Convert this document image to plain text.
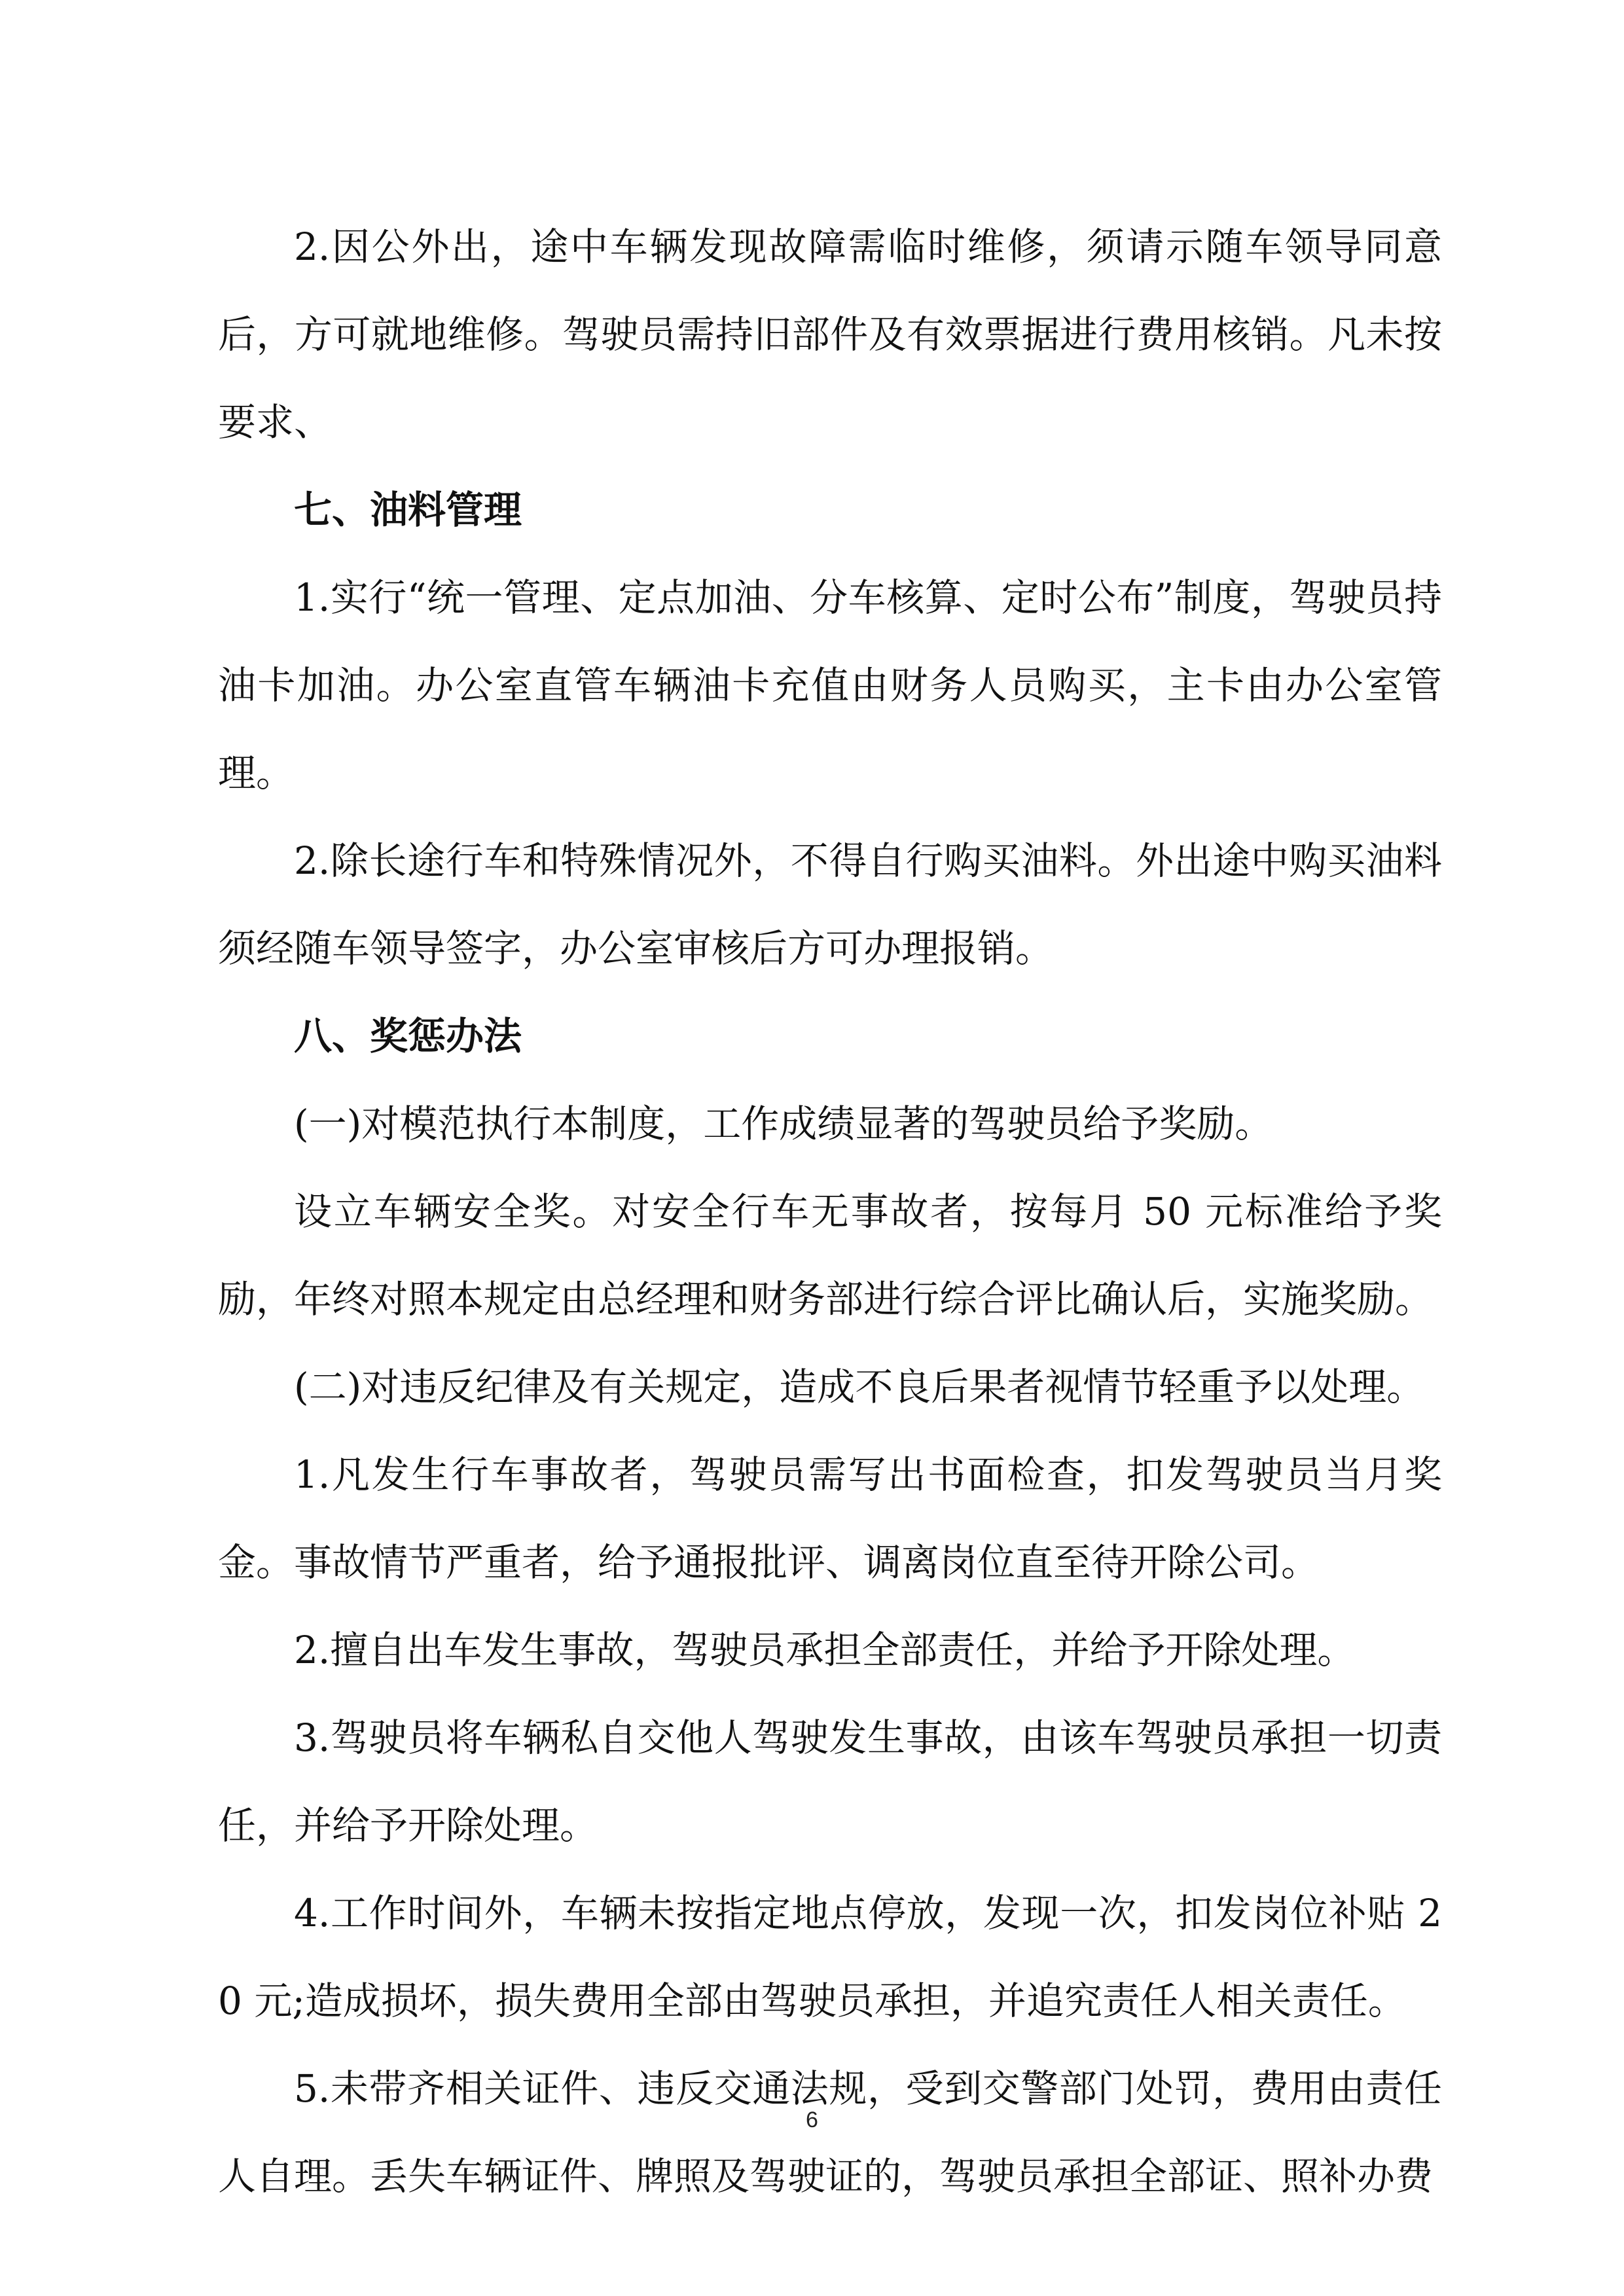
2.因公外出，途中车辆发现故障需临时维修，须请示随车领导同意后，方可就地维修。驾驶员需持旧部件及有效票据进行费用核销。凡未按要求、

七、油料管理

1.实行“统一管理、定点加油、分车核算、定时公布”制度，驾驶员持油卡加油。办公室直管车辆油卡充值由财务人员购买，主卡由办公室管理。

2.除长途行车和特殊情况外，不得自行购买油料。外出途中购买油料须经随车领导签字，办公室审核后方可办理报销。

八、奖惩办法

(一)对模范执行本制度，工作成绩显著的驾驶员给予奖励。

设立车辆安全奖。对安全行车无事故者，按每月 50 元标准给予奖励，年终对照本规定由总经理和财务部进行综合评比确认后，实施奖励。

(二)对违反纪律及有关规定，造成不良后果者视情节轻重予以处理。

1.凡发生行车事故者，驾驶员需写出书面检查，扣发驾驶员当月奖金。事故情节严重者，给予通报批评、调离岗位直至待开除公司。

2.擅自出车发生事故，驾驶员承担全部责任，并给予开除处理。

3.驾驶员将车辆私自交他人驾驶发生事故，由该车驾驶员承担一切责任，并给予开除处理。

4.工作时间外，车辆未按指定地点停放，发现一次，扣发岗位补贴 20 元;造成损坏，损失费用全部由驾驶员承担，并追究责任人相关责任。

5.未带齐相关证件、违反交通法规，受到交警部门处罚，费用由责任人自理。丢失车辆证件、牌照及驾驶证的，驾驶员承担全部证、照补办费

6
